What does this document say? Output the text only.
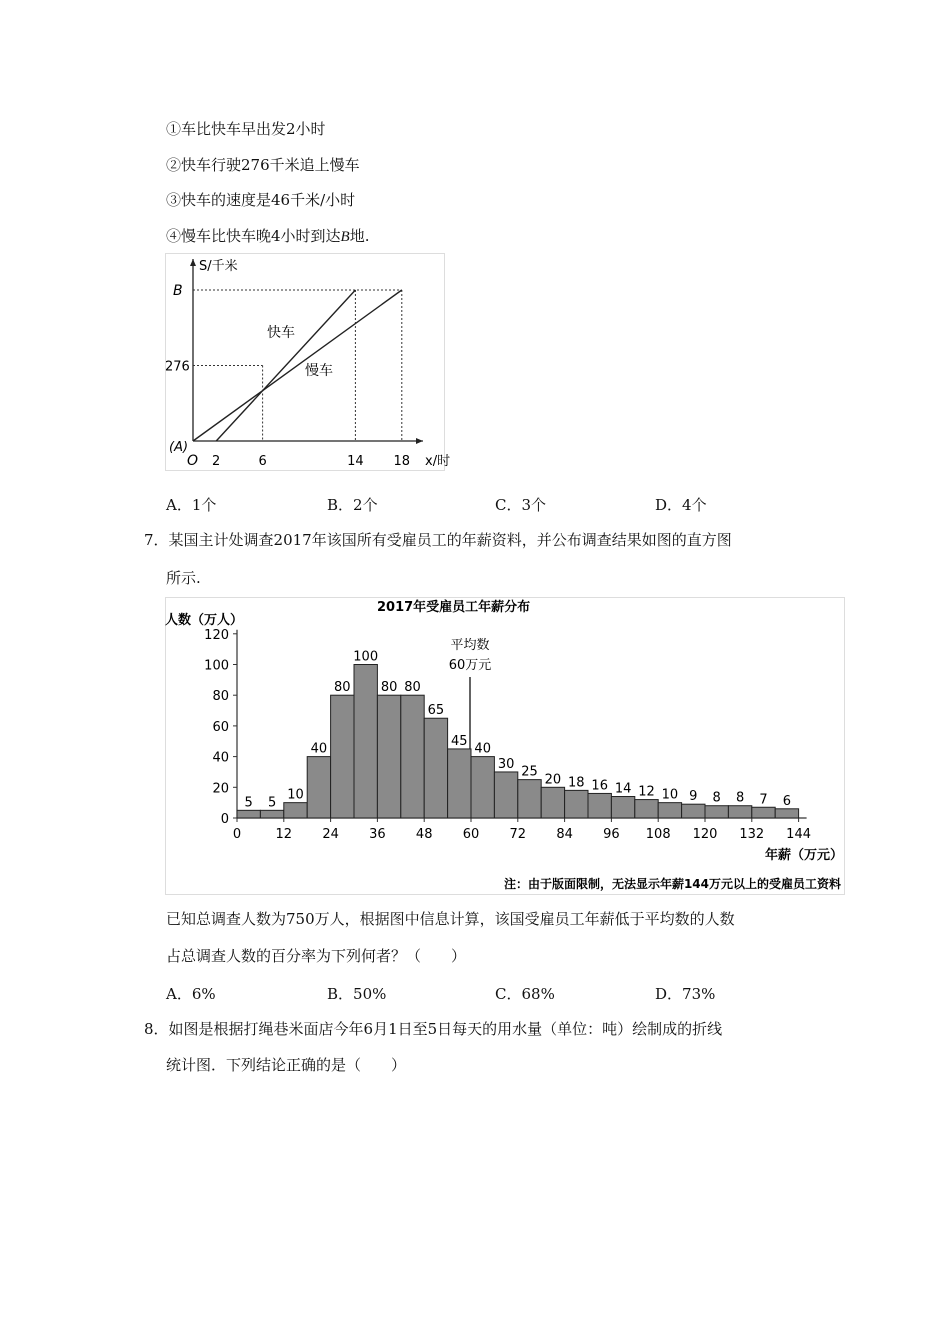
①车比快车早出发2小时
②快车行驶276千米追上慢车
③快车的速度是46千米/小时
④慢车比快车晚4小时到达B地.
快车
慢车
S/千米
x/时
B
276
(A)
O 2	6	14 18
A．1个	B．2个	C．3个	D．4个
7．某国主计处调查2017年该国所有受雇员工的年薪资料，并公布调查结果如图的直方图
所示.
2017年受雇员工年薪分布
人数（万人）
0
20
40
60
80
100
120
0	12 24 36 48 60 72 84 96 108 120 132 144
年薪（万元）
5 5
10
40
80
100
80 80
65
45
40
30
25
20 18 16 14 12 10 9 8 8 7 6
平均数
60万元
注：由于版面限制，无法显示年薪144万元以上的受雇员工资料
已知总调查人数为750万人，根据图中信息计算，该国受雇员工年薪低于平均数的人数
占总调查人数的百分率为下列何者？（　　）
A．6%	B．50%	C．68%	D．73%
8．如图是根据打绳巷米面店今年6月1日至5日每天的用水量（单位：吨）绘制成的折线
统计图．下列结论正确的是（　　）
